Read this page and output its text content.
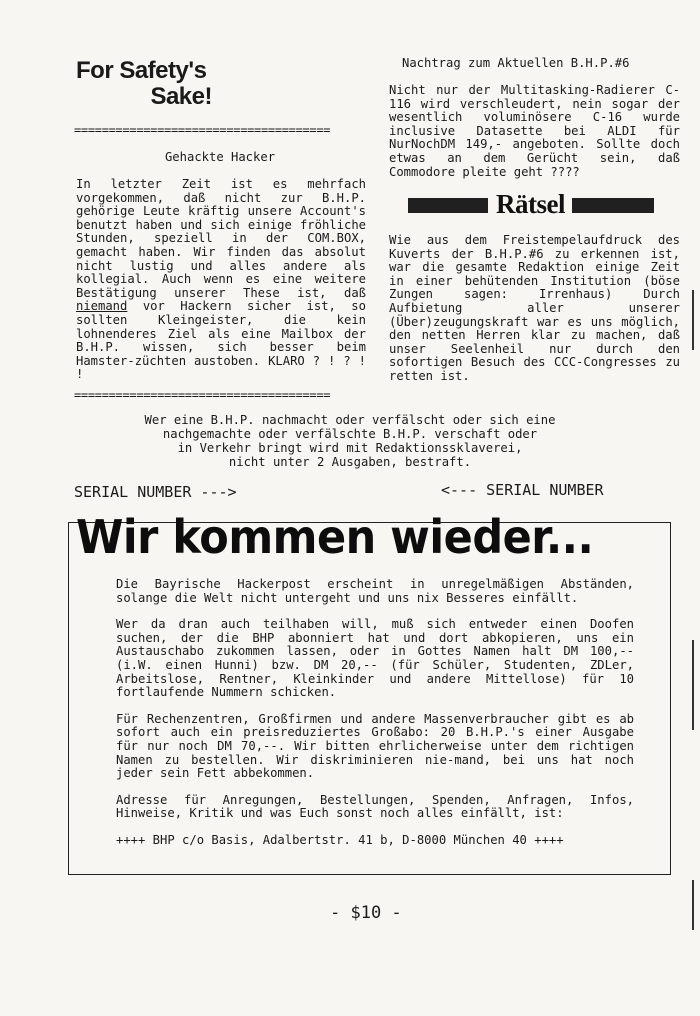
For Safety's
Sake!
=====================================
Gehackte Hacker
In letzter Zeit ist es mehrfach vorgekommen, daß nicht zur B.H.P. gehörige Leute kräftig unsere Account's benutzt haben und sich einige fröhliche Stunden, speziell in der COM.BOX, gemacht haben. Wir finden das absolut nicht lustig und alles andere als kollegial. Auch wenn es eine weitere Bestätigung unserer These ist, daß niemand vor Hackern sicher ist, so sollten Kleingeister, die kein lohnenderes Ziel als eine Mailbox der B.H.P. wissen, sich besser beim Hamster-züchten austoben. KLARO ? ! ? ! !
=====================================
Nachtrag zum Aktuellen B.H.P.#6
Nicht nur der Multitasking-Radierer C-116 wird verschleudert, nein sogar der wesentlich voluminösere C-16 wurde inclusive Datasette bei ALDI für NurNochDM 149,- angeboten. Sollte doch etwas an dem Gerücht sein, daß Commodore pleite geht ????
Rätsel
Wie aus dem Freistempelaufdruck des Kuverts der B.H.P.#6 zu erkennen ist, war die gesamte Redaktion einige Zeit in einer behütenden Institution (böse Zungen sagen: Irrenhaus) Durch Aufbietung aller unserer (Über)zeugungskraft war es uns möglich, den netten Herren klar zu machen, daß unser Seelenheil nur durch den sofortigen Besuch des CCC-Congresses zu retten ist.
Wer eine B.H.P. nachmacht oder verfälscht oder sich eine
nachgemachte oder verfälschte B.H.P. verschaft oder
in Verkehr bringt wird mit Redaktionssklaverei,
nicht unter 2 Ausgaben, bestraft.
SERIAL NUMBER --->	<--- SERIAL NUMBER
Wir kommen wieder...

Die Bayrische Hackerpost erscheint in unregelmäßigen Abständen, solange die Welt nicht untergeht und uns nix Besseres einfällt.

Wer da dran auch teilhaben will, muß sich entweder einen Doofen suchen, der die BHP abonniert hat und dort abkopieren, uns ein Austauschabo zukommen lassen, oder in Gottes Namen halt DM 100,-- (i.W. einen Hunni) bzw. DM 20,-- (für Schüler, Studenten, ZDLer, Arbeitslose, Rentner, Kleinkinder und andere Mittellose) für 10 fortlaufende Nummern schicken.

Für Rechenzentren, Großfirmen und andere Massenverbraucher gibt es ab sofort auch ein preisreduziertes Großabo: 20 B.H.P.'s einer Ausgabe für nur noch DM 70,--. Wir bitten ehrlicherweise unter dem richtigen Namen zu bestellen. Wir diskriminieren nie-mand, bei uns hat noch jeder sein Fett abbekommen.

Adresse für Anregungen, Bestellungen, Spenden, Anfragen, Infos, Hinweise, Kritik und was Euch sonst noch alles einfällt, ist:

++++ BHP c/o Basis, Adalbertstr. 41 b, D-8000 München 40 ++++

- $10 -
